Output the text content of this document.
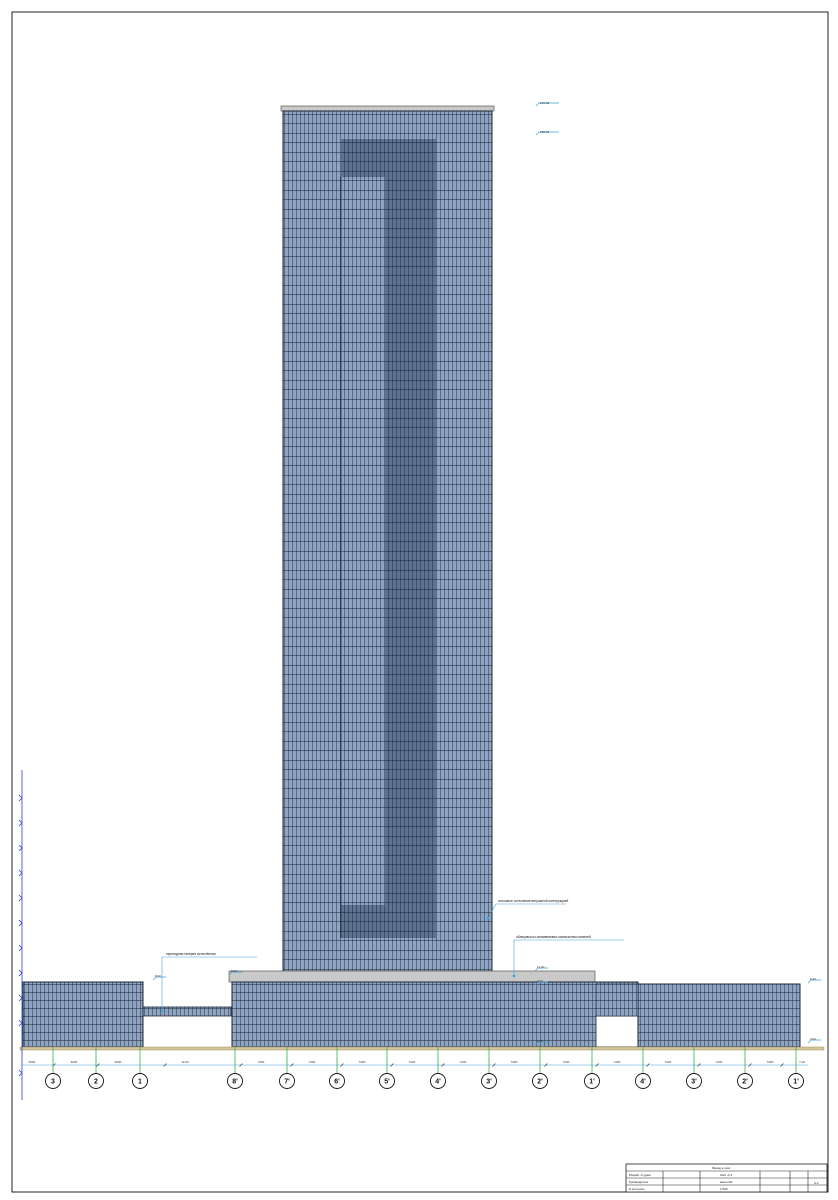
160,00
158,00
8,00
8,00
11,00
9,00	8,40
0,00
0,00
сплошное остекление витражной конструкцией
облицовка из алюминиевых композитных панелей
переходная галерея остеклённая
6000	6000	6000	12,00	7200	7200	7200	7200	7200	7200	7200	7200	7200	7200	7200	7,20
3	2	1	8'	7'	6'	5'	4'	3'	2'	1'	4'	3'	2'	1'
Фасад в осях
Разраб. студент	Лист А-3
А-1
Руководитель	масштаб
Н.контроль	1:500
